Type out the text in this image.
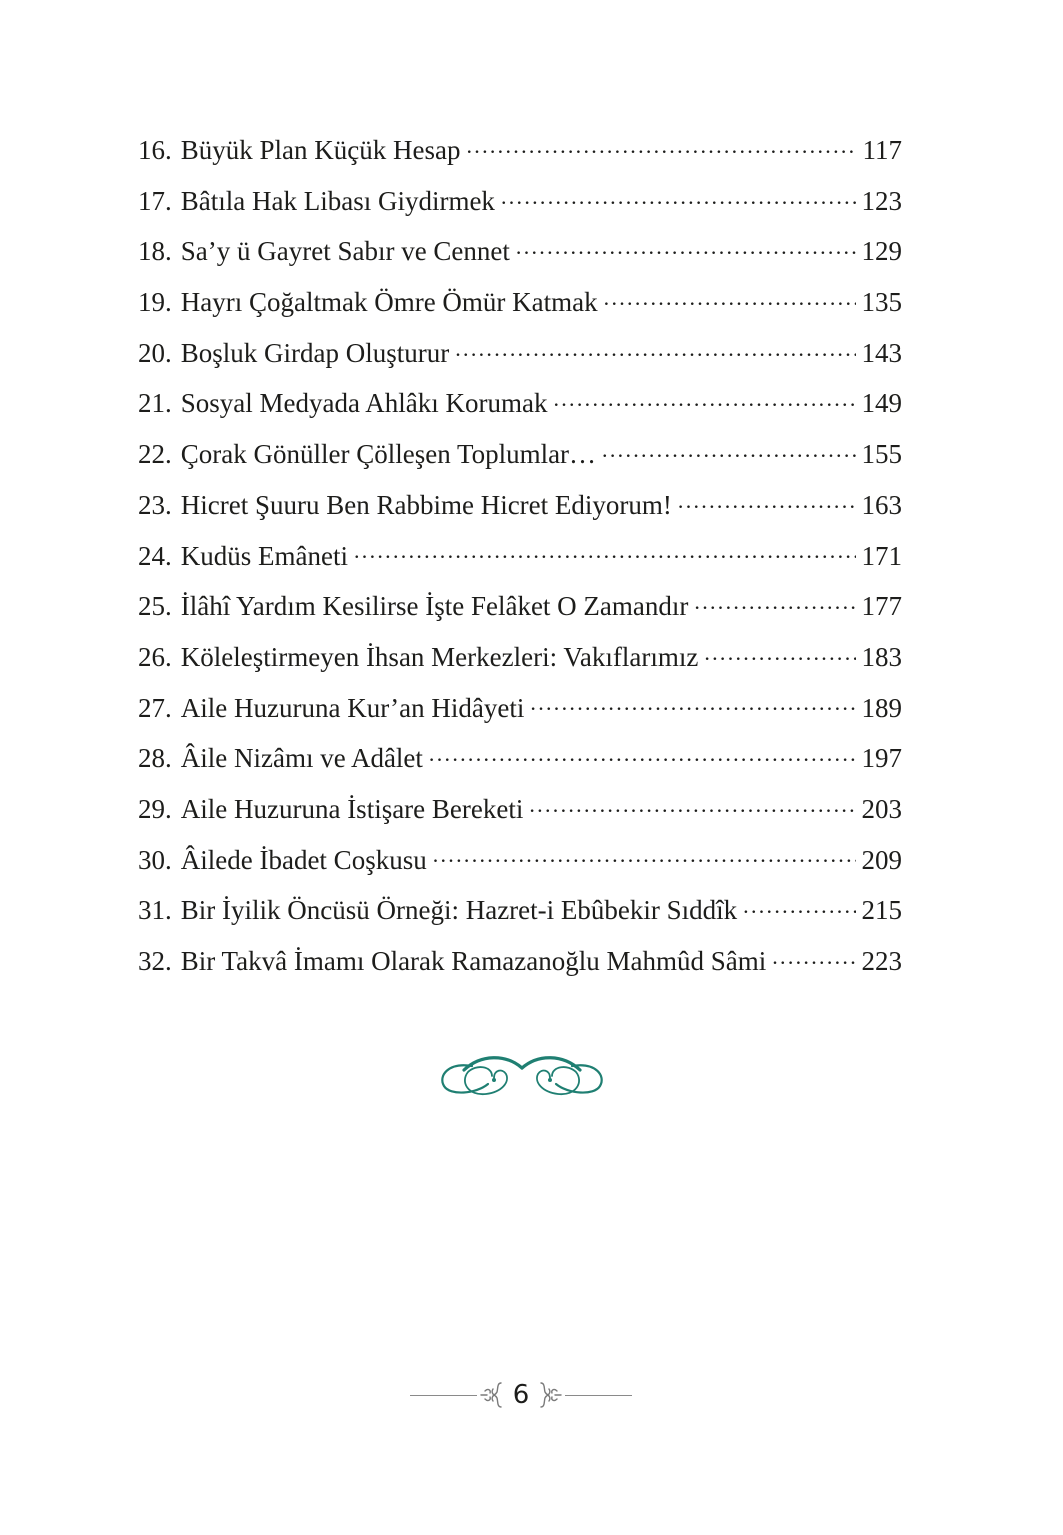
16. Büyük Plan Küçük Hesap .....	117
17. Bâtıla Hak Libası Giydirmek .....	123
18. Sa’y ü Gayret Sabır ve Cennet .....	129
19. Hayrı Çoğaltmak Ömre Ömür Katmak .....	135
20. Boşluk Girdap Oluşturur .....	143
21. Sosyal Medyada Ahlâkı Korumak .....	149
22. Çorak Gönüller Çölleşen Toplumlar… .....	155
23. Hicret Şuuru Ben Rabbime Hicret Ediyorum! .....	163
24. Kudüs Emâneti .....	171
25. İlâhî Yardım Kesilirse İşte Felâket O Zamandır .....	177
26. Köleleştirmeyen İhsan Merkezleri: Vakıflarımız .....	183
27. Aile Huzuruna Kur’an Hidâyeti .....	189
28. Âile Nizâmı ve Adâlet .....	197
29. Aile Huzuruna İstişare Bereketi .....	203
30. Âilede İbadet Coşkusu .....	209
31. Bir İyilik Öncüsü Örneği: Hazret-i Ebûbekir Sıddîk .....	215
32. Bir Takvâ İmamı Olarak Ramazanoğlu Mahmûd Sâmi .....	223
6
